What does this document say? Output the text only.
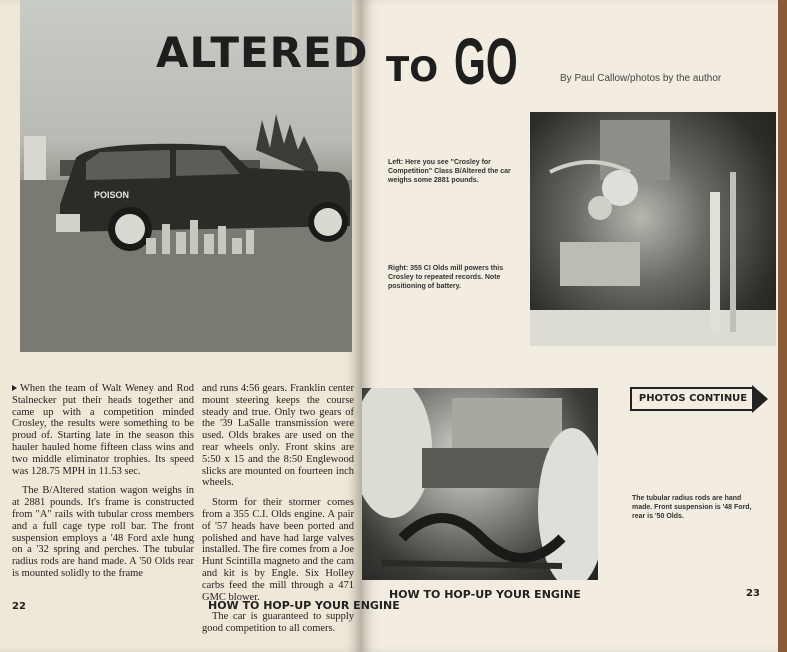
POISON
ALTERED TO GO	By Paul Callow/photos by the author
Left: Here you see "Crosley for Competition" Class B/Altered the car weighs some 2881 pounds.
Right: 355 CI Olds mill powers this Crosley to repeated records. Note positioning of battery.
The tubular radius rods are hand made. Front suspension is '48 Ford, rear is '50 Olds.
PHOTOS CONTINUE

When the team of Walt Weney and Rod Stalnecker put their heads together and came up with a competition minded Crosley, the results were something to be proud of. Starting late in the season this hauler hauled home fifteen class wins and two middle eliminator trophies. Its speed was 128.75 MPH in 11.53 sec.

The B/Altered station wagon weighs in at 2881 pounds. It's frame is constructed from "A" rails with tubular cross members and a full cage type roll bar. The front suspension employs a '48 Ford axle hung on a '32 spring and perches. The tubular radius rods are hand made. A '50 Olds rear is mounted solidly to the frame

and runs 4:56 gears. Franklin center mount steering keeps the course steady and true. Only two gears of the '39 LaSalle transmission were used. Olds brakes are used on the rear wheels only. Front skins are 5:50 x 15 and the 8:50 Englewood slicks are mounted on fourteen inch wheels.

Storm for their stormer comes from a 355 C.I. Olds engine. A pair of '57 heads have been ported and polished and have had large valves installed. The fire comes from a Joe Hunt Scintilla magneto and the cam and kit is by Engle. Six Holley carbs feed the mill through a 471 GMC blower.

The car is guaranteed to supply good competition to all comers.

22	HOW TO HOP-UP YOUR ENGINE
HOW TO HOP-UP YOUR ENGINE	23
